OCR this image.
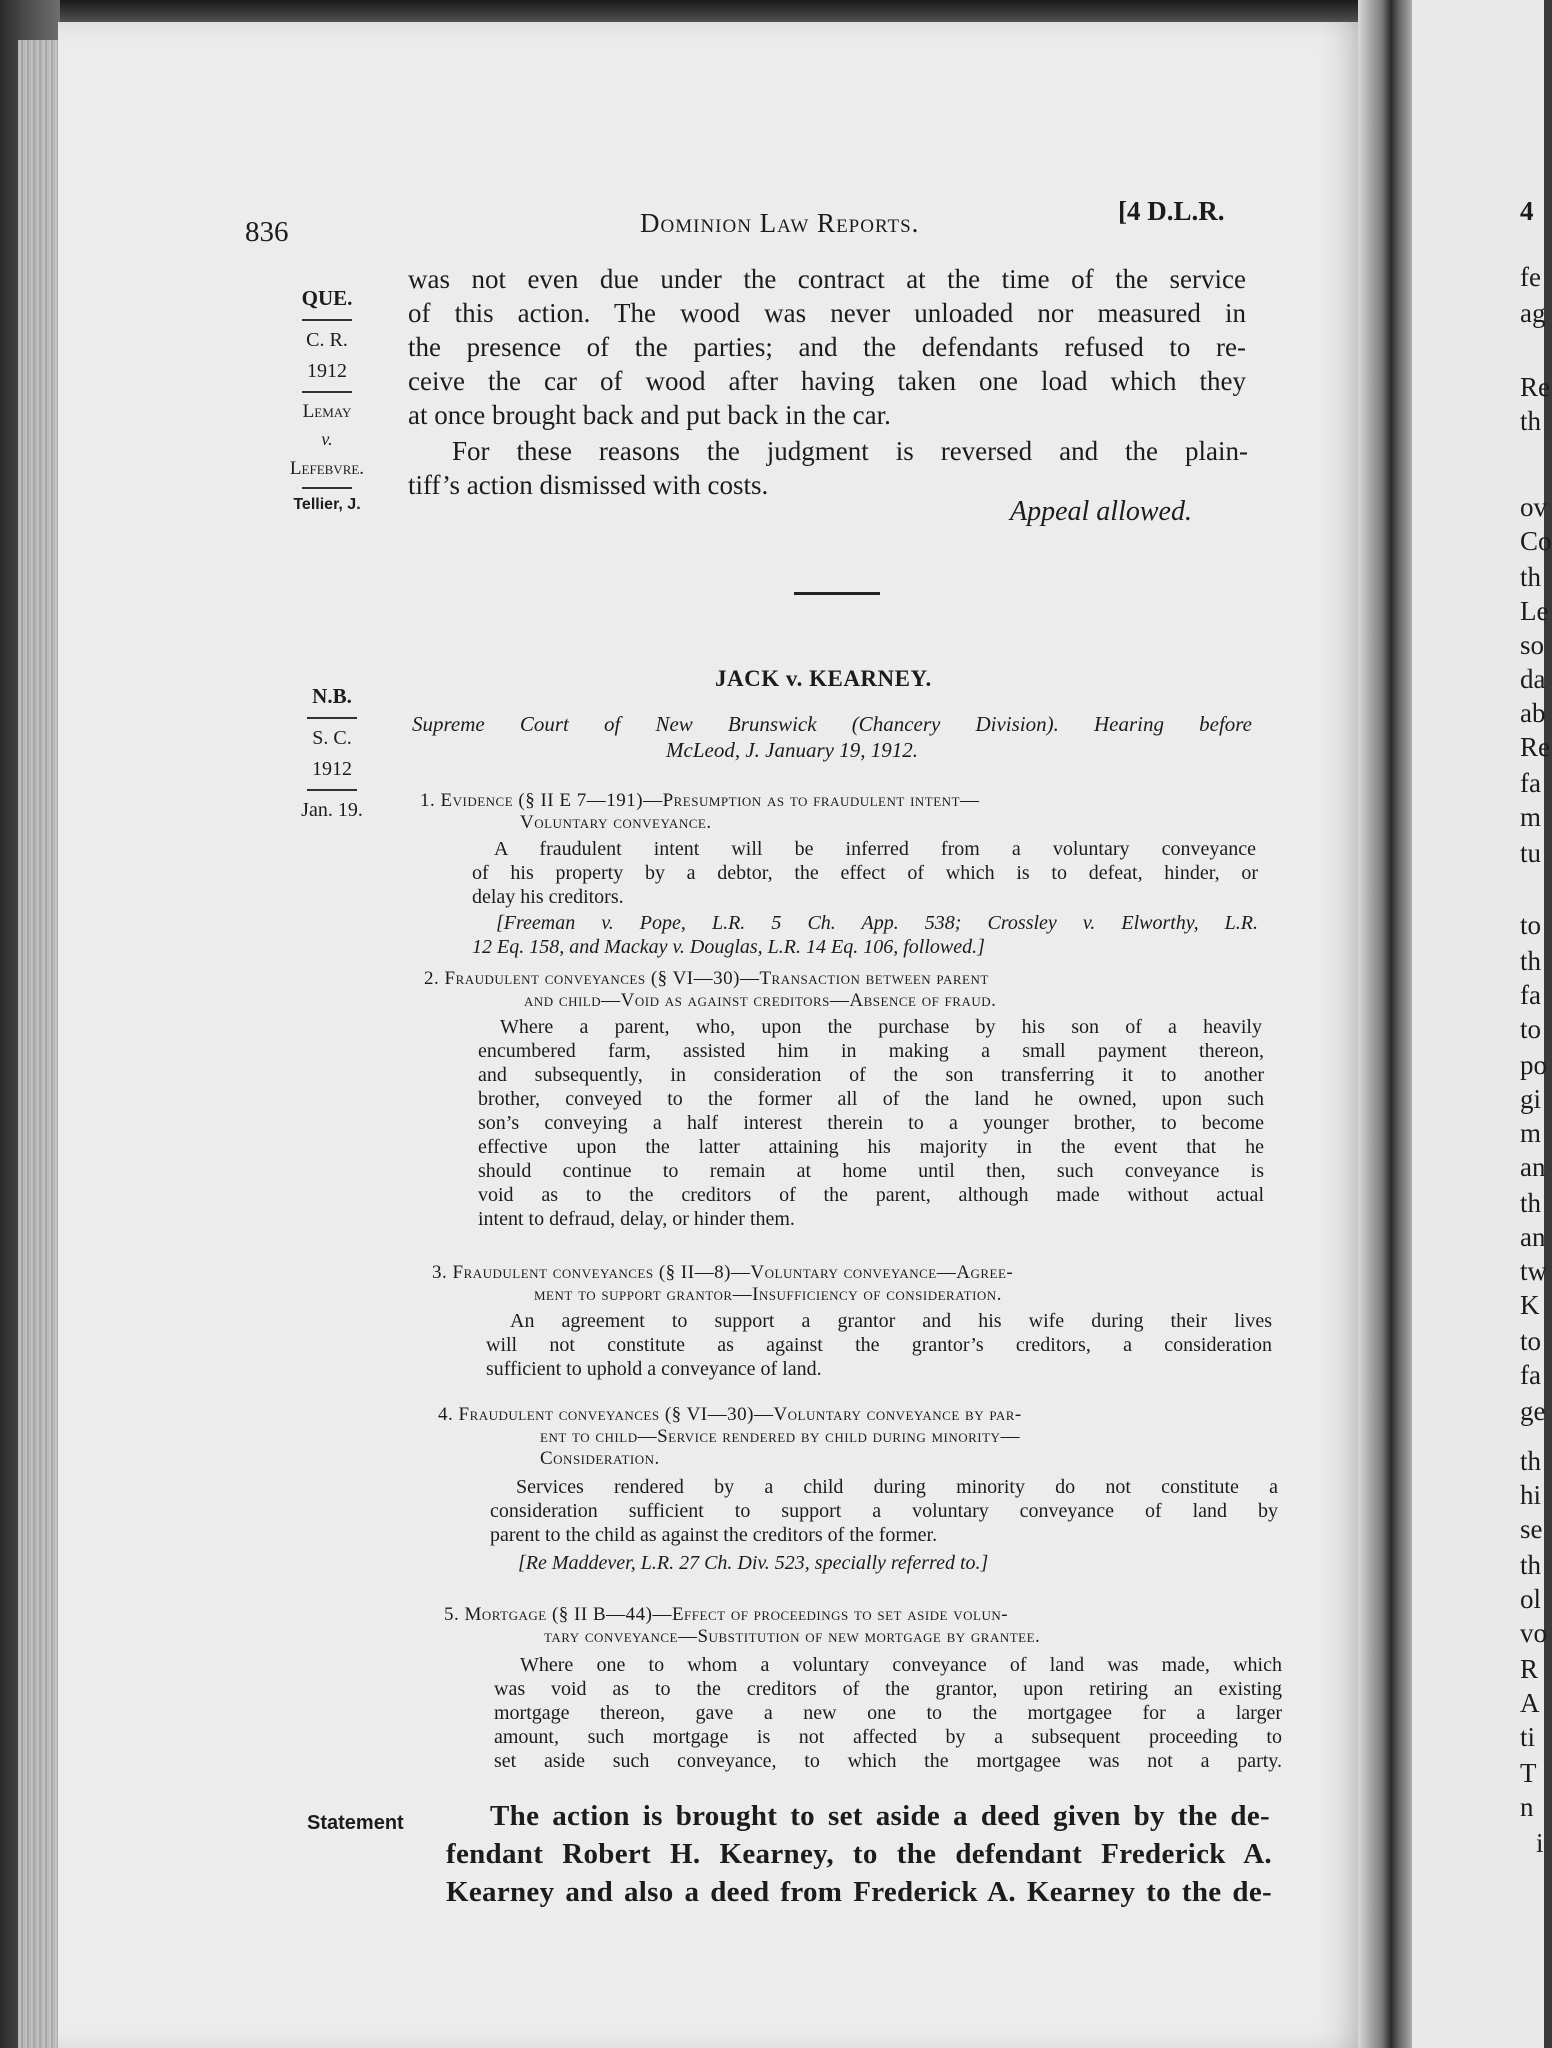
836	Dominion Law Reports.	[4 D.L.R.
QUE.
C. R.
1912
Lemay
v.
Lefebvre.
Tellier, J.
was not even due under the contract at the time of the service
of this action. The wood was never unloaded nor measured in
the presence of the parties; and the defendants refused to re-
ceive the car of wood after having taken one load which they
at once brought back and put back in the car.
For these reasons the judgment is reversed and the plain-
tiff’s action dismissed with costs.
Appeal allowed.
N.B.
S. C.
1912
Jan. 19.
JACK v. KEARNEY.
Supreme Court of New Brunswick (Chancery Division). Hearing before
McLeod, J. January 19, 1912.
1. Evidence (§ II E 7—191)—Presumption as to fraudulent intent—
Voluntary conveyance.
A fraudulent intent will be inferred from a voluntary conveyance
of his property by a debtor, the effect of which is to defeat, hinder, or
delay his creditors.
[Freeman v. Pope, L.R. 5 Ch. App. 538; Crossley v. Elworthy, L.R.
12 Eq. 158, and Mackay v. Douglas, L.R. 14 Eq. 106, followed.]
2. Fraudulent conveyances (§ VI—30)—Transaction between parent
and child—Void as against creditors—Absence of fraud.
Where a parent, who, upon the purchase by his son of a heavily
encumbered farm, assisted him in making a small payment thereon,
and subsequently, in consideration of the son transferring it to another
brother, conveyed to the former all of the land he owned, upon such
son’s conveying a half interest therein to a younger brother, to become
effective upon the latter attaining his majority in the event that he
should continue to remain at home until then, such conveyance is
void as to the creditors of the parent, although made without actual
intent to defraud, delay, or hinder them.
3. Fraudulent conveyances (§ II—8)—Voluntary conveyance—Agree-
ment to support grantor—Insufficiency of consideration.
An agreement to support a grantor and his wife during their lives
will not constitute as against the grantor’s creditors, a consideration
sufficient to uphold a conveyance of land.
4. Fraudulent conveyances (§ VI—30)—Voluntary conveyance by par-
ent to child—Service rendered by child during minority—
Consideration.
Services rendered by a child during minority do not constitute a
consideration sufficient to support a voluntary conveyance of land by
parent to the child as against the creditors of the former.
[Re Maddever, L.R. 27 Ch. Div. 523, specially referred to.]
5. Mortgage (§ II B—44)—Effect of proceedings to set aside volun-
tary conveyance—Substitution of new mortgage by grantee.
Where one to whom a voluntary conveyance of land was made, which
was void as to the creditors of the grantor, upon retiring an existing
mortgage thereon, gave a new one to the mortgagee for a larger
amount, such mortgage is not affected by a subsequent proceeding to
set aside such conveyance, to which the mortgagee was not a party.
Statement	The action is brought to set aside a deed given by the de-
fendant Robert H. Kearney, to the defendant Frederick A.
Kearney and also a deed from Frederick A. Kearney to the de-
4
fe
ag
Re
th
ov
Co
th
Le
so
da
ab
Re
fa
m
tu
to
th
fa
to
po
gi
m
an
th
an
tw
K
to
fa
ge
th
hi
se
th
ol
vo
R
A
ti
T
n
i
